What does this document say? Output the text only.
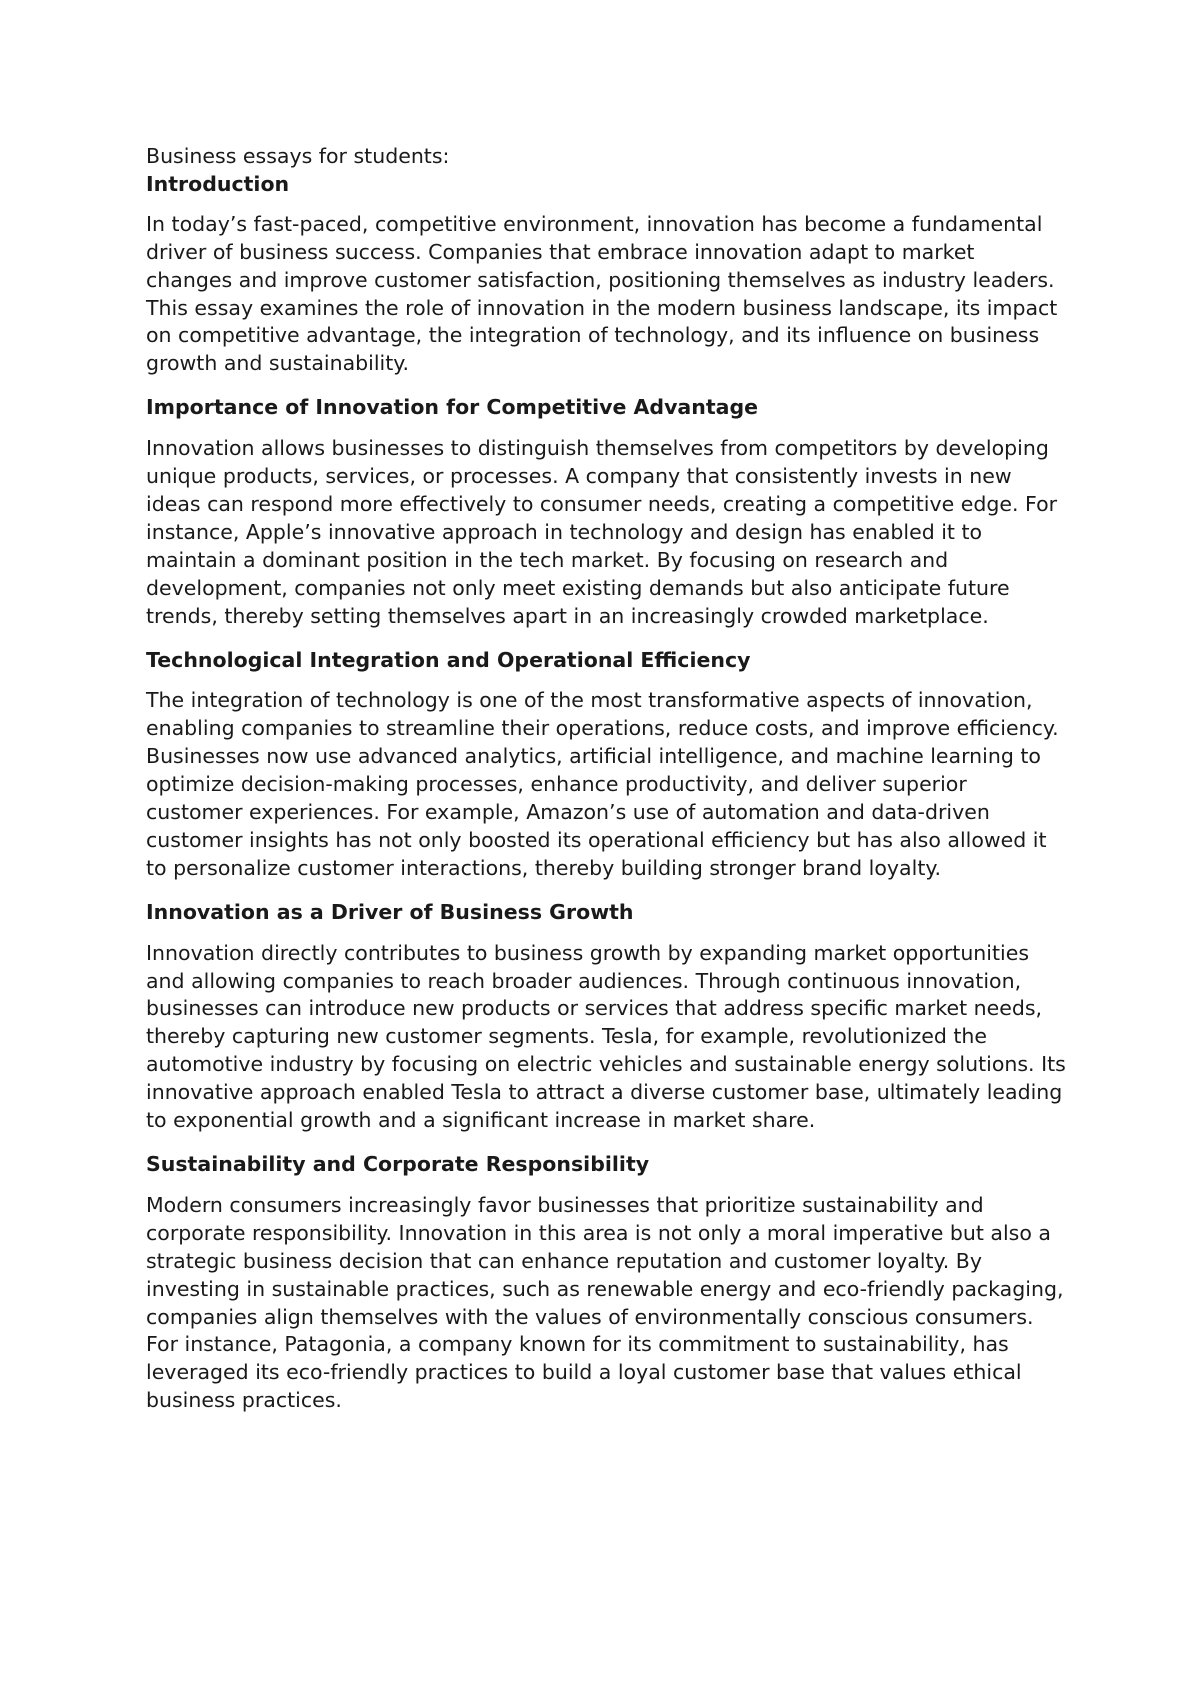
Business essays for students:

Introduction

In today’s fast-paced, competitive environment, innovation has become a fundamental driver of business success. Companies that embrace innovation adapt to market changes and improve customer satisfaction, positioning themselves as industry leaders. This essay examines the role of innovation in the modern business landscape, its impact on competitive advantage, the integration of technology, and its influence on business growth and sustainability.

Importance of Innovation for Competitive Advantage

Innovation allows businesses to distinguish themselves from competitors by developing unique products, services, or processes. A company that consistently invests in new ideas can respond more effectively to consumer needs, creating a competitive edge. For instance, Apple’s innovative approach in technology and design has enabled it to maintain a dominant position in the tech market. By focusing on research and development, companies not only meet existing demands but also anticipate future trends, thereby setting themselves apart in an increasingly crowded marketplace.

Technological Integration and Operational Efficiency

The integration of technology is one of the most transformative aspects of innovation, enabling companies to streamline their operations, reduce costs, and improve efficiency. Businesses now use advanced analytics, artificial intelligence, and machine learning to optimize decision-making processes, enhance productivity, and deliver superior customer experiences. For example, Amazon’s use of automation and data-driven customer insights has not only boosted its operational efficiency but has also allowed it to personalize customer interactions, thereby building stronger brand loyalty.

Innovation as a Driver of Business Growth

Innovation directly contributes to business growth by expanding market opportunities and allowing companies to reach broader audiences. Through continuous innovation, businesses can introduce new products or services that address specific market needs, thereby capturing new customer segments. Tesla, for example, revolutionized the automotive industry by focusing on electric vehicles and sustainable energy solutions. Its innovative approach enabled Tesla to attract a diverse customer base, ultimately leading to exponential growth and a significant increase in market share.

Sustainability and Corporate Responsibility

Modern consumers increasingly favor businesses that prioritize sustainability and corporate responsibility. Innovation in this area is not only a moral imperative but also a strategic business decision that can enhance reputation and customer loyalty. By investing in sustainable practices, such as renewable energy and eco-friendly packaging, companies align themselves with the values of environmentally conscious consumers. For instance, Patagonia, a company known for its commitment to sustainability, has leveraged its eco-friendly practices to build a loyal customer base that values ethical business practices.
